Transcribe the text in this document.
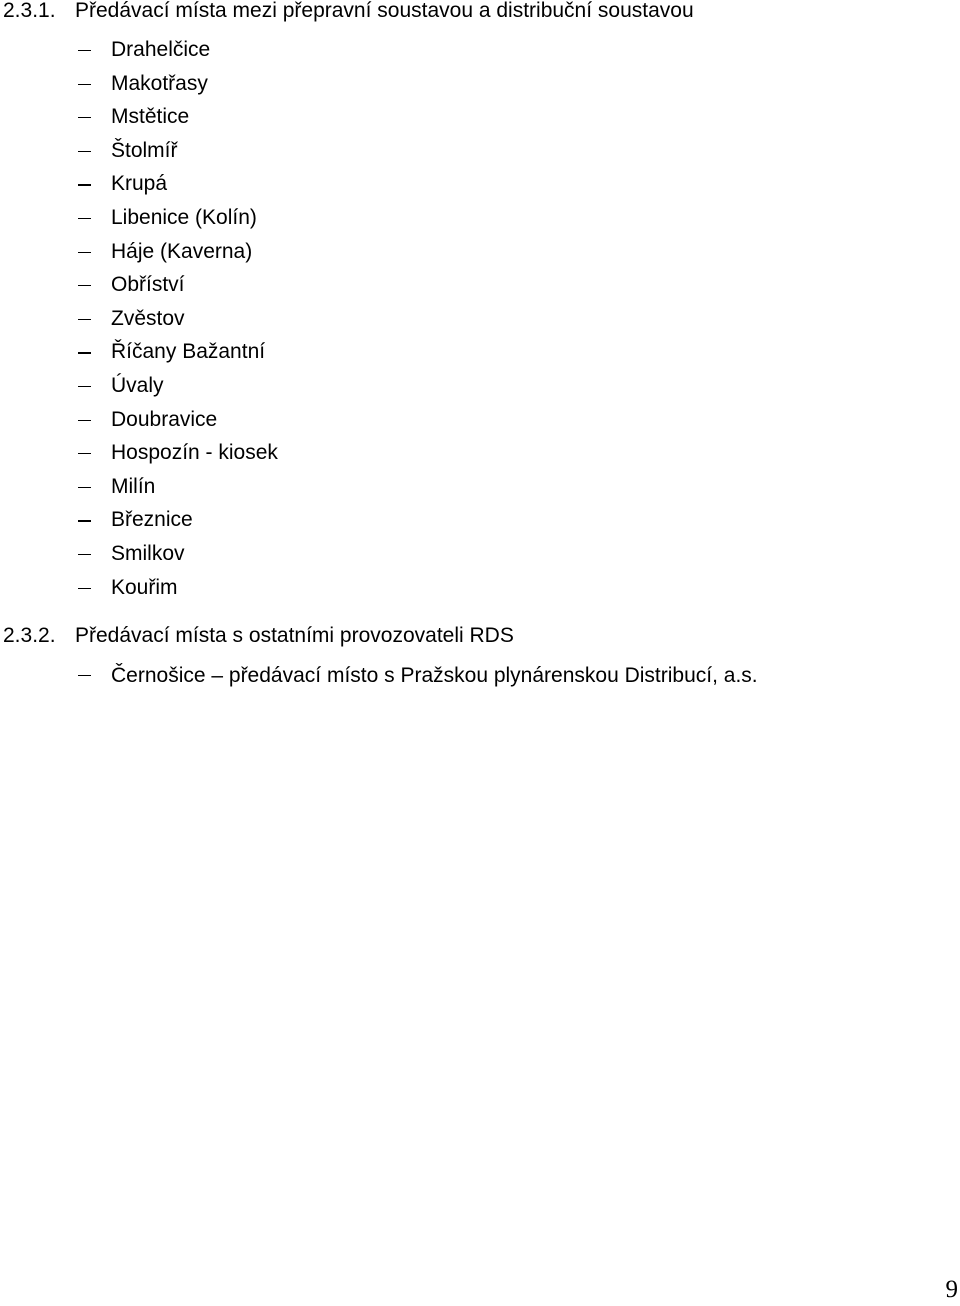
2.3.1. Předávací místa mezi přepravní soustavou a distribuční soustavou
Drahelčice
Makotřasy
Mstětice
Štolmíř
Krupá
Libenice (Kolín)
Háje (Kaverna)
Obříství
Zvěstov
Říčany Bažantní
Úvaly
Doubravice
Hospozín - kiosek
Milín
Březnice
Smilkov
Kouřim
2.3.2. Předávací místa s ostatními provozovateli RDS
Černošice – předávací místo s Pražskou plynárenskou Distribucí, a.s.
9
